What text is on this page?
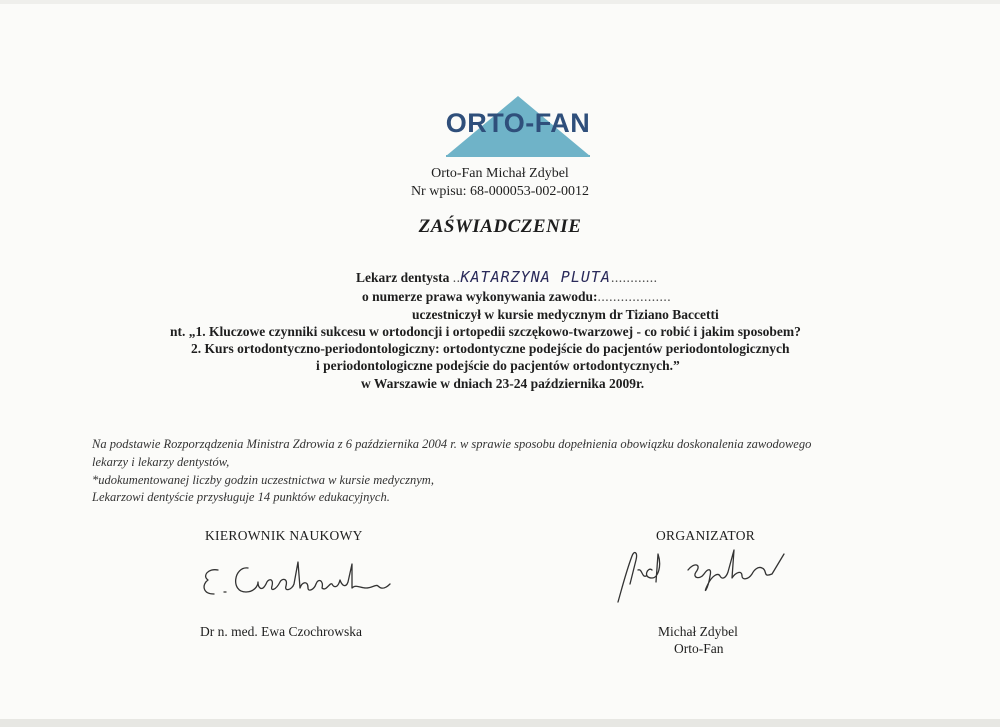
ORTO-FAN
Orto-Fan Michał Zdybel
Nr wpisu: 68-000053-002-0012
ZAŚWIADCZENIE
Lekarz dentysta ..KATARZYNA PLUTA............
o numerze prawa wykonywania zawodu:...................
uczestniczył w kursie medycznym dr Tiziano Baccetti
nt. „1. Kluczowe czynniki sukcesu w ortodoncji i ortopedii szczękowo-twarzowej - co robić i jakim sposobem?
2. Kurs ortodontyczno-periodontologiczny: ortodontyczne podejście do pacjentów periodontologicznych
i periodontologiczne podejście do pacjentów ortodontycznych.”
w Warszawie w dniach 23-24 października 2009r.
Na podstawie Rozporządzenia Ministra Zdrowia z 6 października 2004 r. w sprawie sposobu dopełnienia obowiązku doskonalenia zawodowego
lekarzy i lekarzy dentystów,
*udokumentowanej liczby godzin uczestnictwa w kursie medycznym,
Lekarzowi dentyście przysługuje 14 punktów edukacyjnych.
KIEROWNIK NAUKOWY
Dr n. med. Ewa Czochrowska
ORGANIZATOR
Michał Zdybel
Orto-Fan
